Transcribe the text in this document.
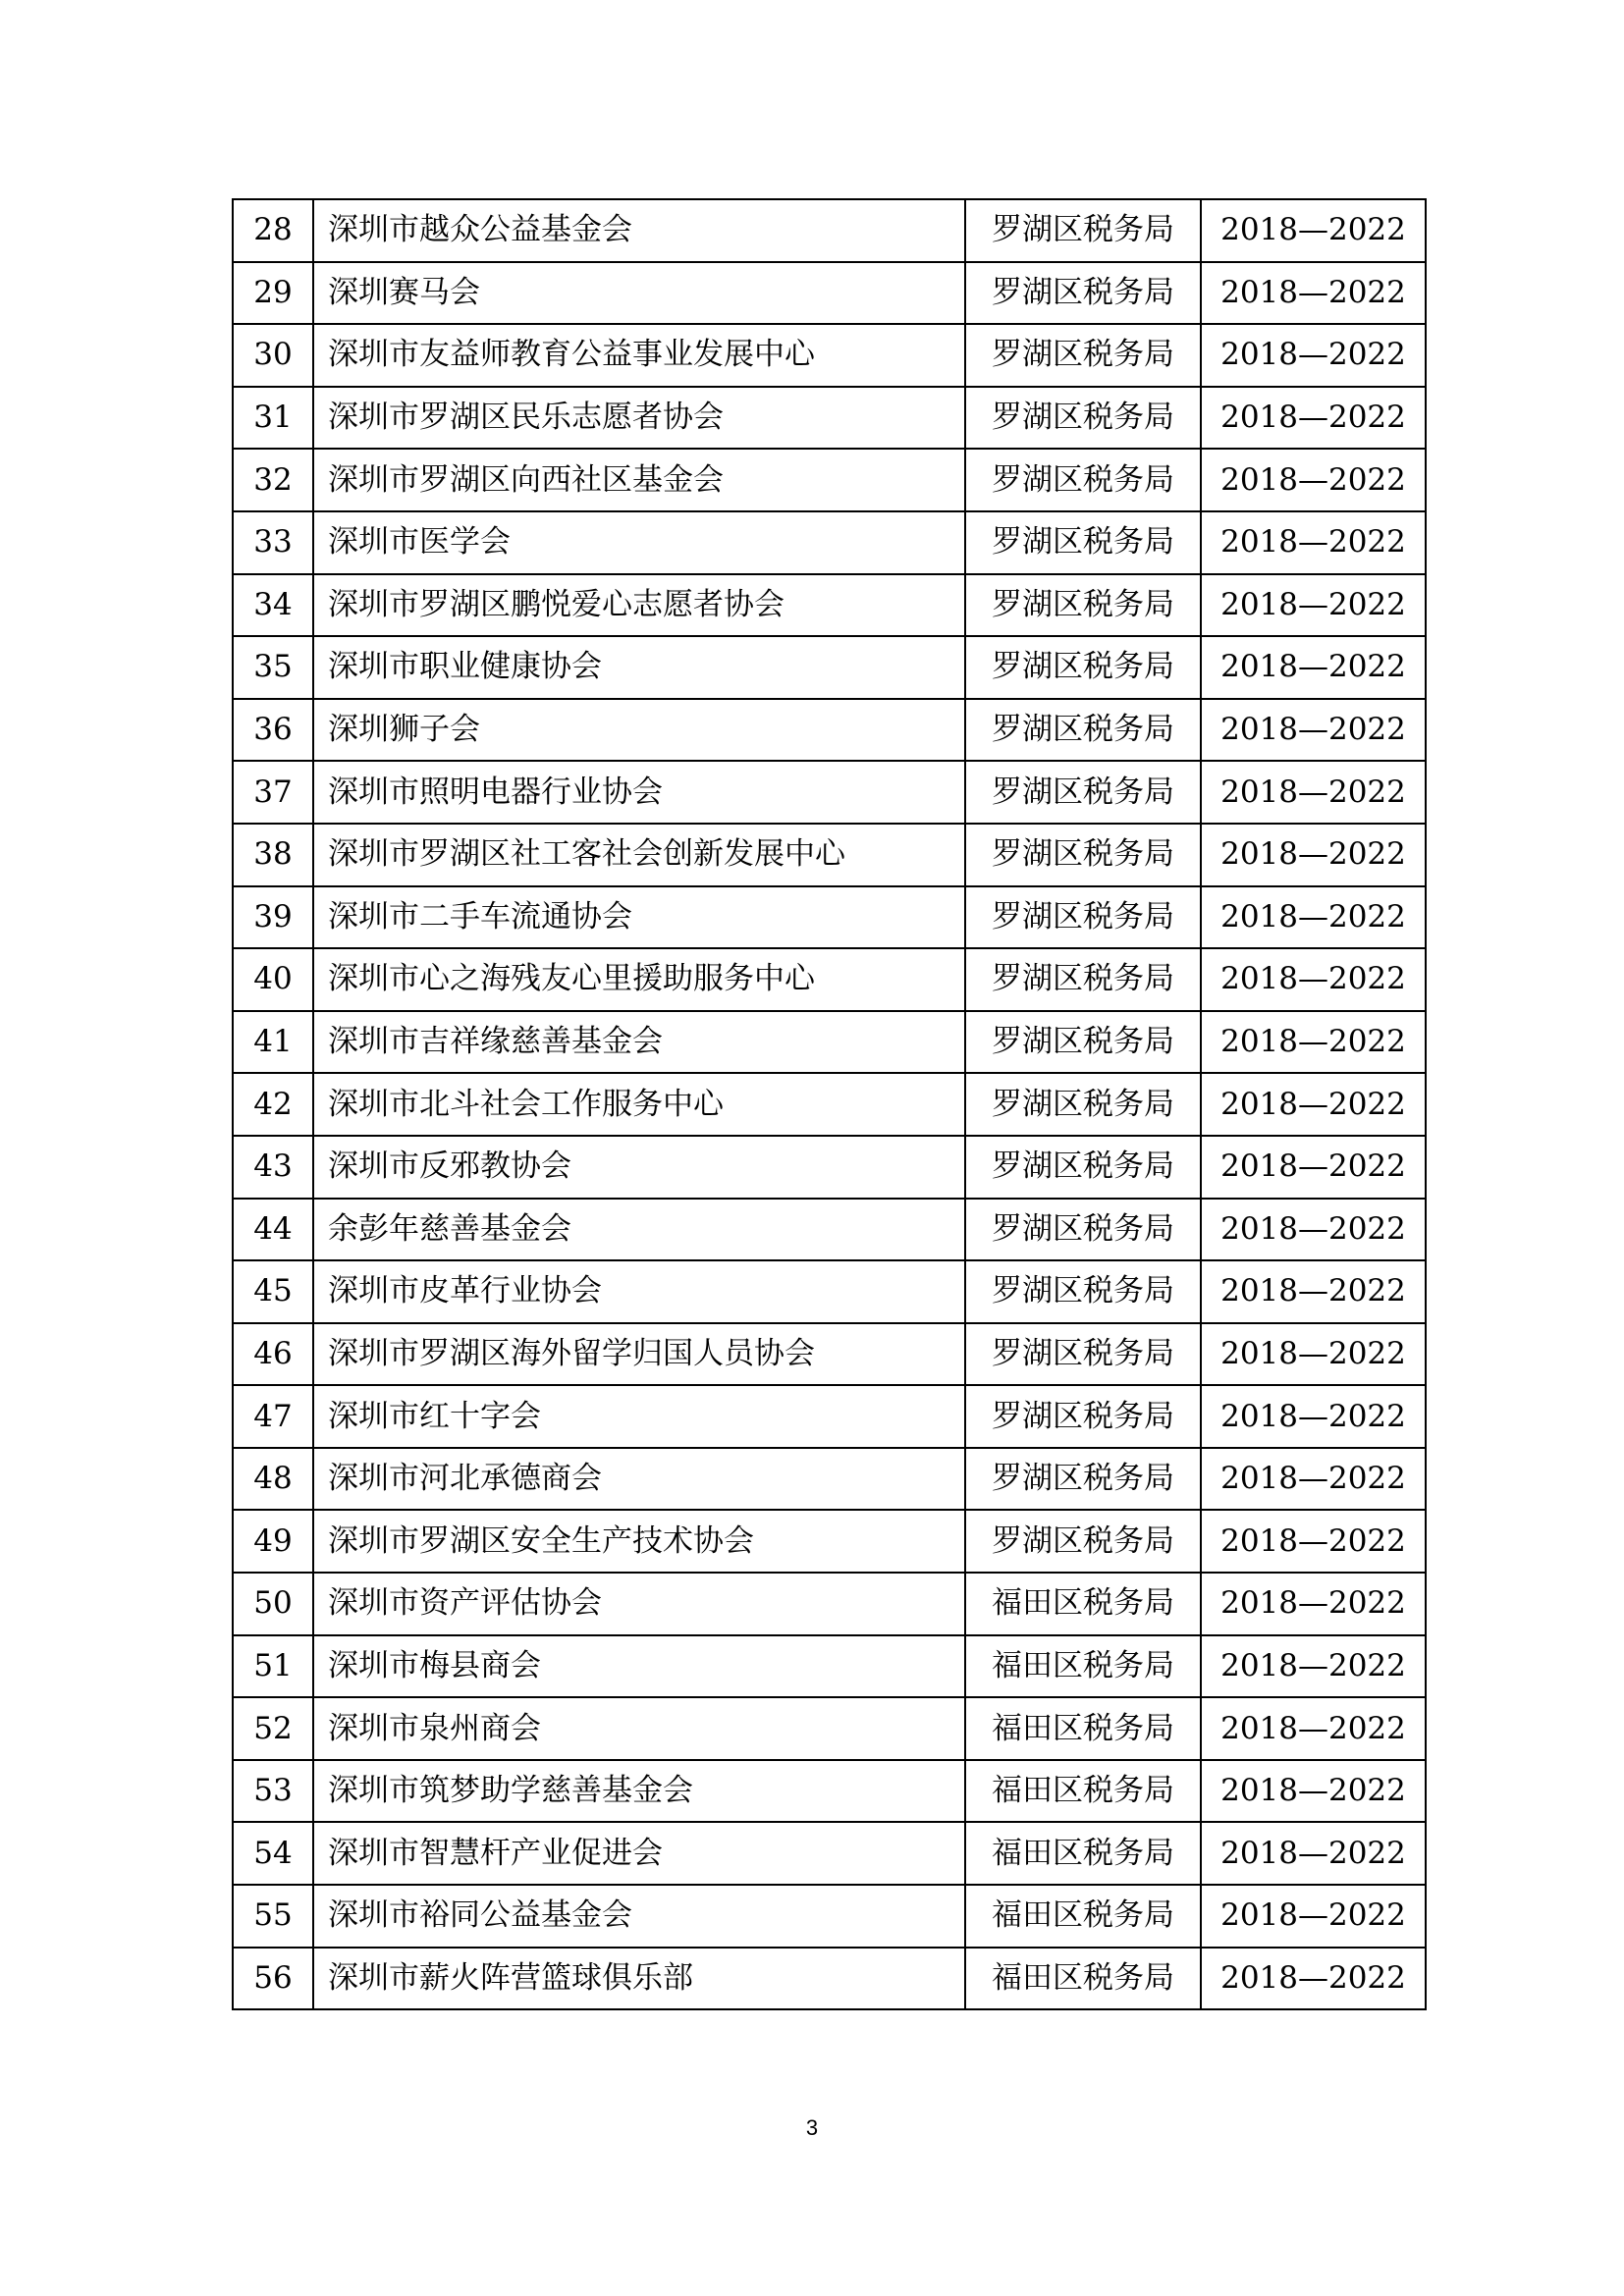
28	深圳市越众公益基金会	罗湖区税务局	2018—2022
29	深圳赛马会	罗湖区税务局	2018—2022
30	深圳市友益师教育公益事业发展中心	罗湖区税务局	2018—2022
31	深圳市罗湖区民乐志愿者协会	罗湖区税务局	2018—2022
32	深圳市罗湖区向西社区基金会	罗湖区税务局	2018—2022
33	深圳市医学会	罗湖区税务局	2018—2022
34	深圳市罗湖区鹏悦爱心志愿者协会	罗湖区税务局	2018—2022
35	深圳市职业健康协会	罗湖区税务局	2018—2022
36	深圳狮子会	罗湖区税务局	2018—2022
37	深圳市照明电器行业协会	罗湖区税务局	2018—2022
38	深圳市罗湖区社工客社会创新发展中心	罗湖区税务局	2018—2022
39	深圳市二手车流通协会	罗湖区税务局	2018—2022
40	深圳市心之海残友心里援助服务中心	罗湖区税务局	2018—2022
41	深圳市吉祥缘慈善基金会	罗湖区税务局	2018—2022
42	深圳市北斗社会工作服务中心	罗湖区税务局	2018—2022
43	深圳市反邪教协会	罗湖区税务局	2018—2022
44	余彭年慈善基金会	罗湖区税务局	2018—2022
45	深圳市皮革行业协会	罗湖区税务局	2018—2022
46	深圳市罗湖区海外留学归国人员协会	罗湖区税务局	2018—2022
47	深圳市红十字会	罗湖区税务局	2018—2022
48	深圳市河北承德商会	罗湖区税务局	2018—2022
49	深圳市罗湖区安全生产技术协会	罗湖区税务局	2018—2022
50	深圳市资产评估协会	福田区税务局	2018—2022
51	深圳市梅县商会	福田区税务局	2018—2022
52	深圳市泉州商会	福田区税务局	2018—2022
53	深圳市筑梦助学慈善基金会	福田区税务局	2018—2022
54	深圳市智慧杆产业促进会	福田区税务局	2018—2022
55	深圳市裕同公益基金会	福田区税务局	2018—2022
56	深圳市薪火阵营篮球俱乐部	福田区税务局	2018—2022
3
